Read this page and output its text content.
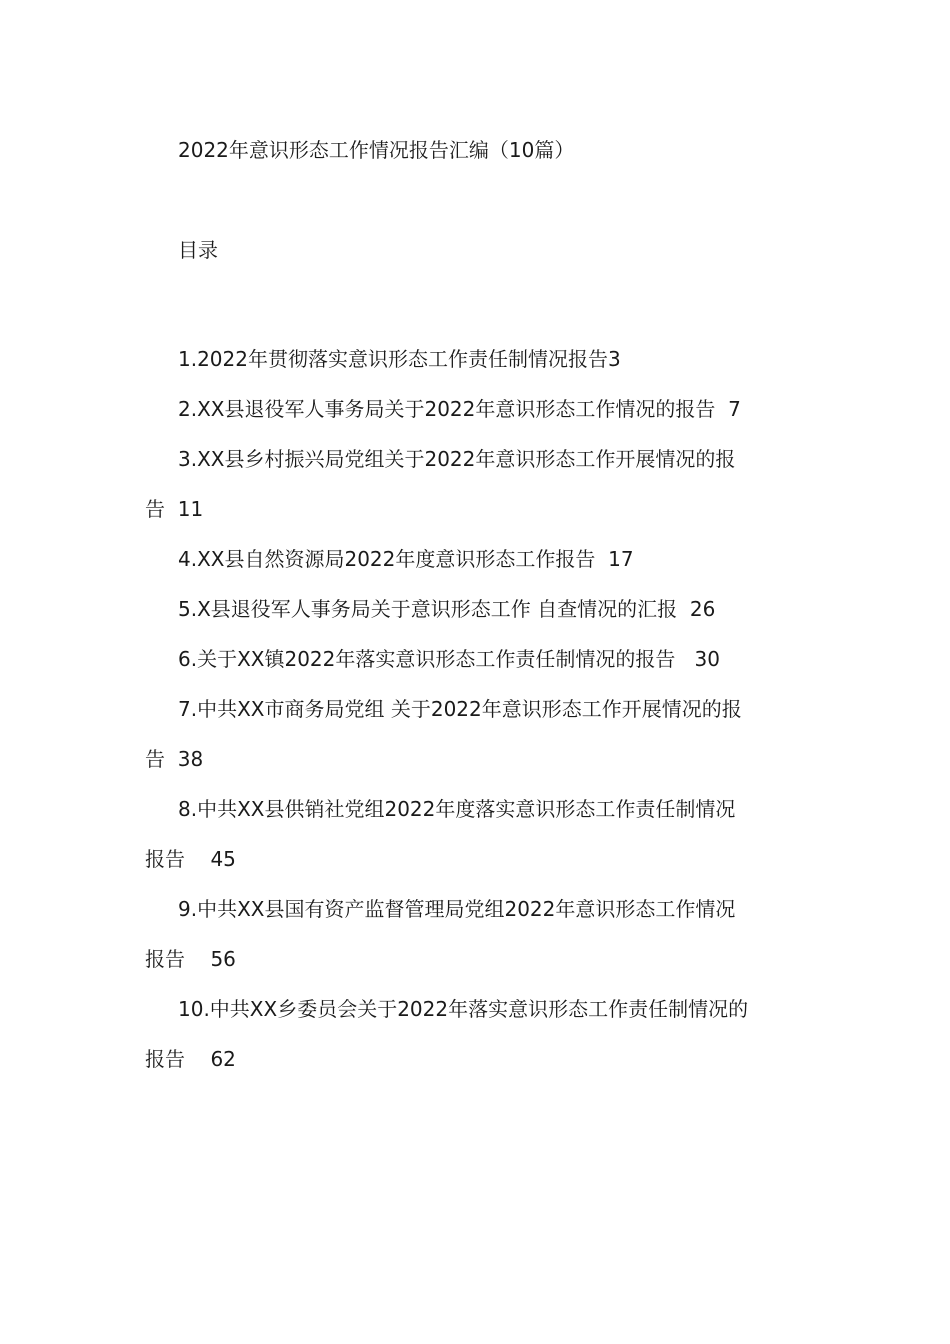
2022年意识形态工作情况报告汇编（10篇）
目录
1.2022年贯彻落实意识形态工作责任制情况报告3
2.XX县退役军人事务局关于2022年意识形态工作情况的报告 7
3.XX县乡村振兴局党组关于2022年意识形态工作开展情况的报
告 11
4.XX县自然资源局2022年度意识形态工作报告 17
5.X县退役军人事务局关于意识形态工作 自查情况的汇报 26
6.关于XX镇2022年落实意识形态工作责任制情况的报告 30
7.中共XX市商务局党组 关于2022年意识形态工作开展情况的报
告 38
8.中共XX县供销社党组2022年度落实意识形态工作责任制情况
报告 45
9.中共XX县国有资产监督管理局党组2022年意识形态工作情况
报告 56
10.中共XX乡委员会关于2022年落实意识形态工作责任制情况的
报告 62
